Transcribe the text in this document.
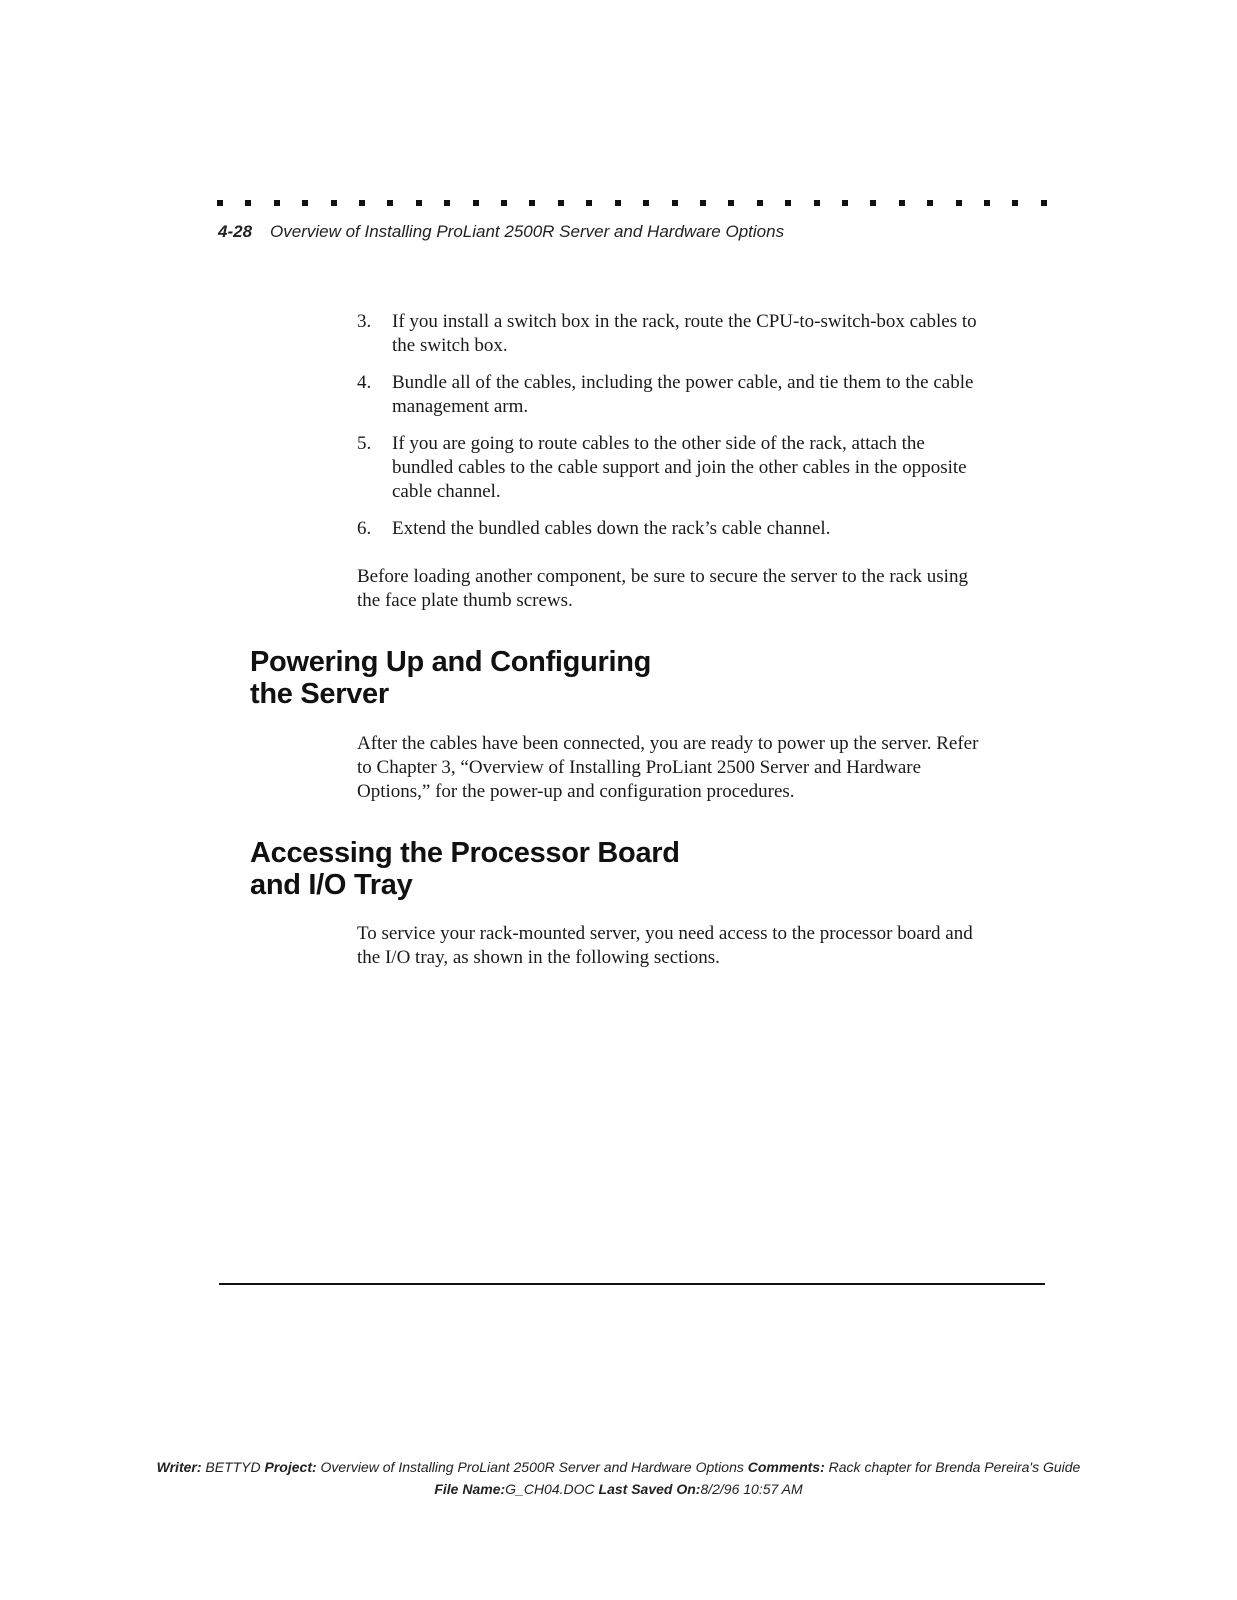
4-28 Overview of Installing ProLiant 2500R Server and Hardware Options
3.	If you install a switch box in the rack, route the CPU-to-switch-box cables to the switch box.
4.	Bundle all of the cables, including the power cable, and tie them to the cable management arm.
5.	If you are going to route cables to the other side of the rack, attach the bundled cables to the cable support and join the other cables in the opposite cable channel.
6.	Extend the bundled cables down the rack’s cable channel.

Before loading another component, be sure to secure the server to the rack using the face plate thumb screws.

Powering Up and Configuring
the Server

After the cables have been connected, you are ready to power up the server. Refer to Chapter 3, “Overview of Installing ProLiant 2500 Server and Hardware Options,” for the power-up and configuration procedures.

Accessing the Processor Board
and I/O Tray

To service your rack-mounted server, you need access to the processor board and the I/O tray, as shown in the following sections.

Writer: BETTYD Project: Overview of Installing ProLiant 2500R Server and Hardware Options Comments: Rack chapter for Brenda Pereira's Guide
File Name:G_CH04.DOC Last Saved On:8/2/96 10:57 AM
